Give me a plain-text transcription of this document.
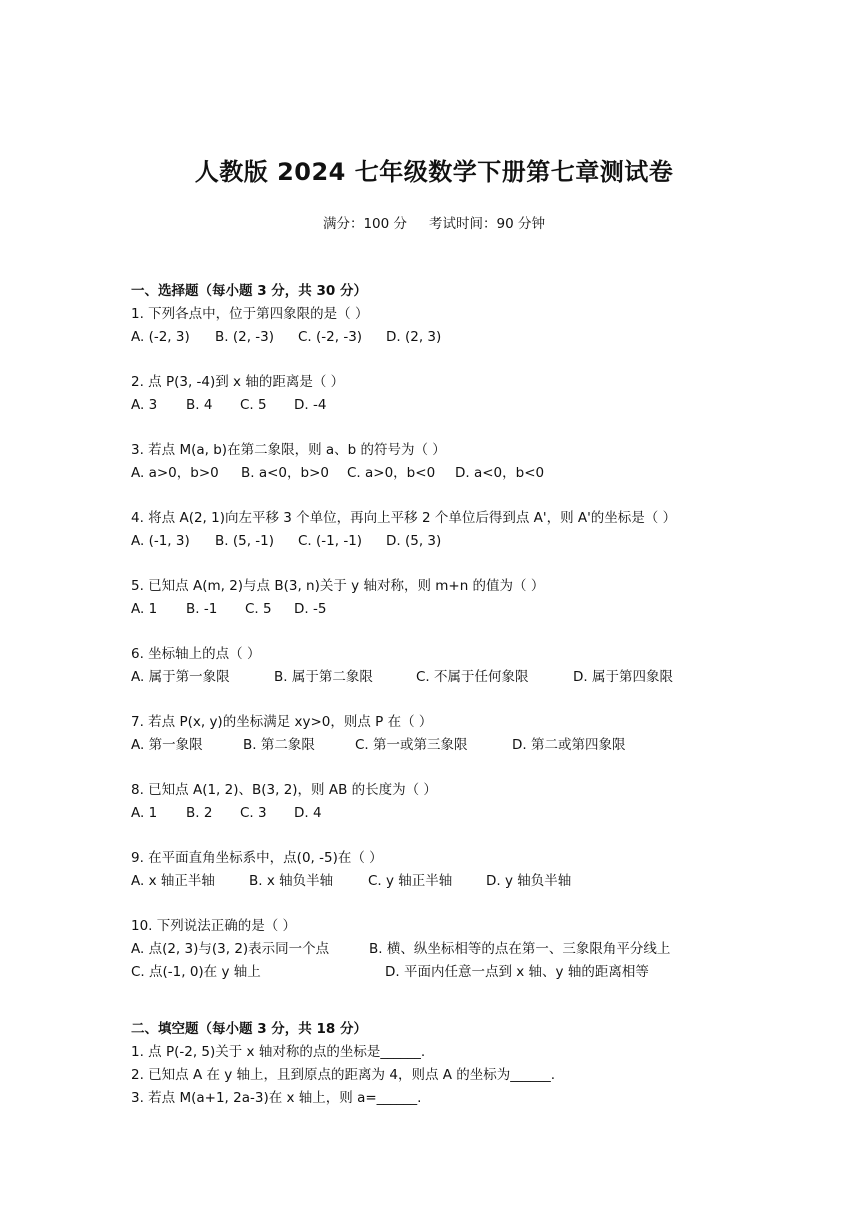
人教版 2024 七年级数学下册第七章测试卷
满分：100 分 考试时间：90 分钟
一、选择题（每小题 3 分，共 30 分）
1. 下列各点中，位于第四象限的是（ ）
A. (-2, 3) B. (2, -3) C. (-2, -3) D. (2, 3)
2. 点 P(3, -4)到 x 轴的距离是（ ）
A. 3 B. 4 C. 5 D. -4
3. 若点 M(a, b)在第二象限，则 a、b 的符号为（ ）
A. a>0，b>0 B. a<0，b>0 C. a>0，b<0 D. a<0，b<0
4. 将点 A(2, 1)向左平移 3 个单位，再向上平移 2 个单位后得到点 A'，则 A'的坐标是（ ）
A. (-1, 3) B. (5, -1) C. (-1, -1) D. (5, 3)
5. 已知点 A(m, 2)与点 B(3, n)关于 y 轴对称，则 m+n 的值为（ ）
A. 1 B. -1 C. 5 D. -5
6. 坐标轴上的点（ ）
A. 属于第一象限	B. 属于第二象限	C. 不属于任何象限	D. 属于第四象限
7. 若点 P(x, y)的坐标满足 xy>0，则点 P 在（ ）
A. 第一象限	B. 第二象限	C. 第一或第三象限	D. 第二或第四象限
8. 已知点 A(1, 2)、B(3, 2)，则 AB 的长度为（ ）
A. 1 B. 2 C. 3 D. 4
9. 在平面直角坐标系中，点(0, -5)在（ ）
A. x 轴正半轴	B. x 轴负半轴	C. y 轴正半轴 D. y 轴负半轴
10. 下列说法正确的是（ ）
A. 点(2, 3)与(3, 2)表示同一个点	B. 横、纵坐标相等的点在第一、三象限角平分线上
C. 点(-1, 0)在 y 轴上	D. 平面内任意一点到 x 轴、y 轴的距离相等
二、填空题（每小题 3 分，共 18 分）
1. 点 P(-2, 5)关于 x 轴对称的点的坐标是______.
2. 已知点 A 在 y 轴上，且到原点的距离为 4，则点 A 的坐标为______.
3. 若点 M(a+1, 2a-3)在 x 轴上，则 a=______.
